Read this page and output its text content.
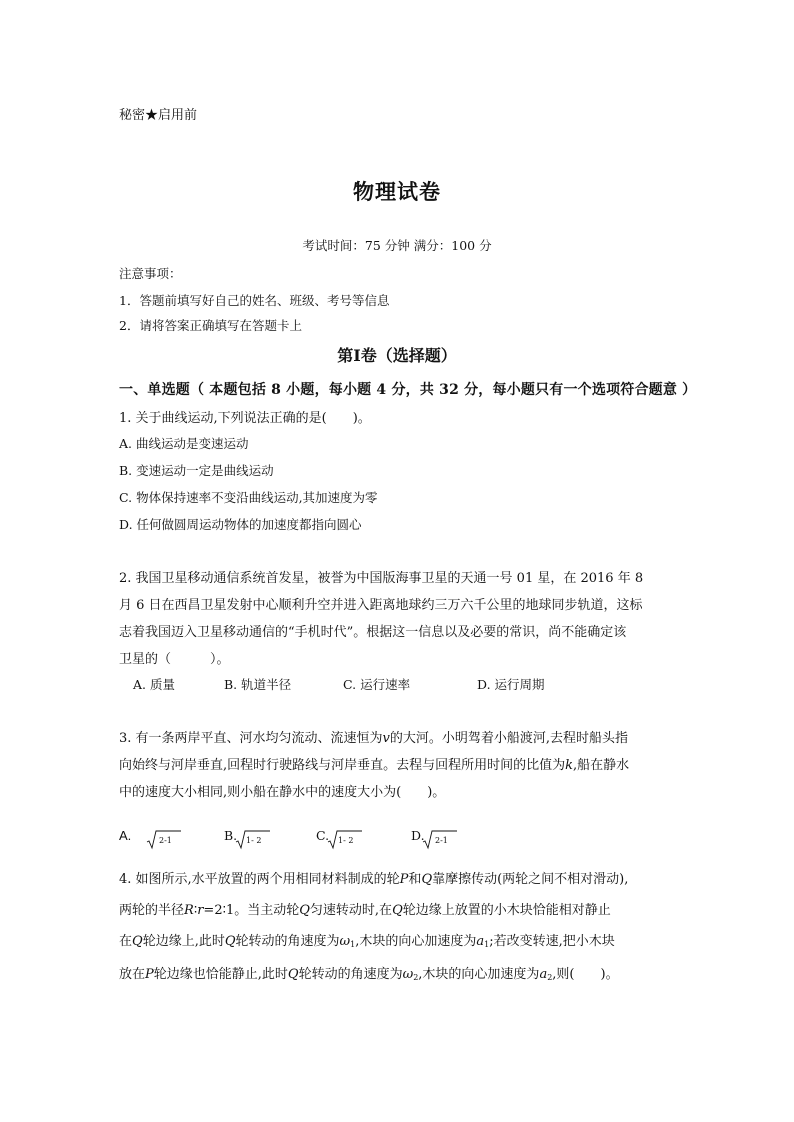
秘密★启用前
物理试卷
考试时间：75 分钟 满分：100 分
注意事项：
1．答题前填写好自己的姓名、班级、考号等信息
2．请将答案正确填写在答题卡上
第Ⅰ卷（选择题）
一、单选题（ 本题包括 8 小题，每小题 4 分，共 32 分，每小题只有一个选项符合题意 ）
1. 关于曲线运动,下列说法正确的是(　　)。
A. 曲线运动是变速运动
B. 变速运动一定是曲线运动
C. 物体保持速率不变沿曲线运动,其加速度为零
D. 任何做圆周运动物体的加速度都指向圆心
2. 我国卫星移动通信系统首发星，被誉为中国版海事卫星的天通一号 01 星，在 2016 年 8
月 6 日在西昌卫星发射中心顺利升空并进入距离地球约三万六千公里的地球同步轨道，这标
志着我国迈入卫星移动通信的“手机时代”。根据这一信息以及必要的常识，尚不能确定该
卫星的（　　　）。
A. 质量	B. 轨道半径	C. 运行速率	D. 运行周期
3. 有一条两岸平直、河水均匀流动、流速恒为v的大河。小明驾着小船渡河,去程时船头指
向始终与河岸垂直,回程时行驶路线与河岸垂直。去程与回程所用时间的比值为k,船在静水
中的速度大小相同,则小船在静水中的速度大小为(　　)。
A.	2-1	B. 1- 2	C. 1- 2	D. 2-1
4. 如图所示,水平放置的两个用相同材料制成的轮P和Q靠摩擦传动(两轮之间不相对滑动),
两轮的半径R∶r=2∶1。当主动轮Q匀速转动时,在Q轮边缘上放置的小木块恰能相对静止
在Q轮边缘上,此时Q轮转动的角速度为$\omega_1$,木块的向心加速度为$a_1$;若改变转速,把小木块
放在P轮边缘也恰能静止,此时Q轮转动的角速度为$\omega_2$,木块的向心加速度为$a_2$,则(　　)。
